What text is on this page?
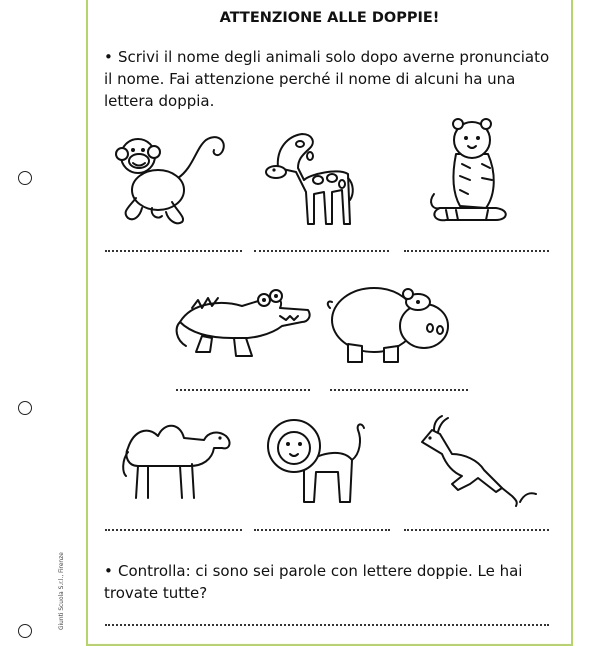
Giunti Scuola S.r.l., Firenze
ATTENZIONE ALLE DOPPIE!
• Scrivi il nome degli animali solo dopo averne pronunciato il nome. Fai attenzione perché il nome di alcuni ha una lettera doppia.
• Controlla: ci sono sei parole con lettere doppie. Le hai trovate tutte?
